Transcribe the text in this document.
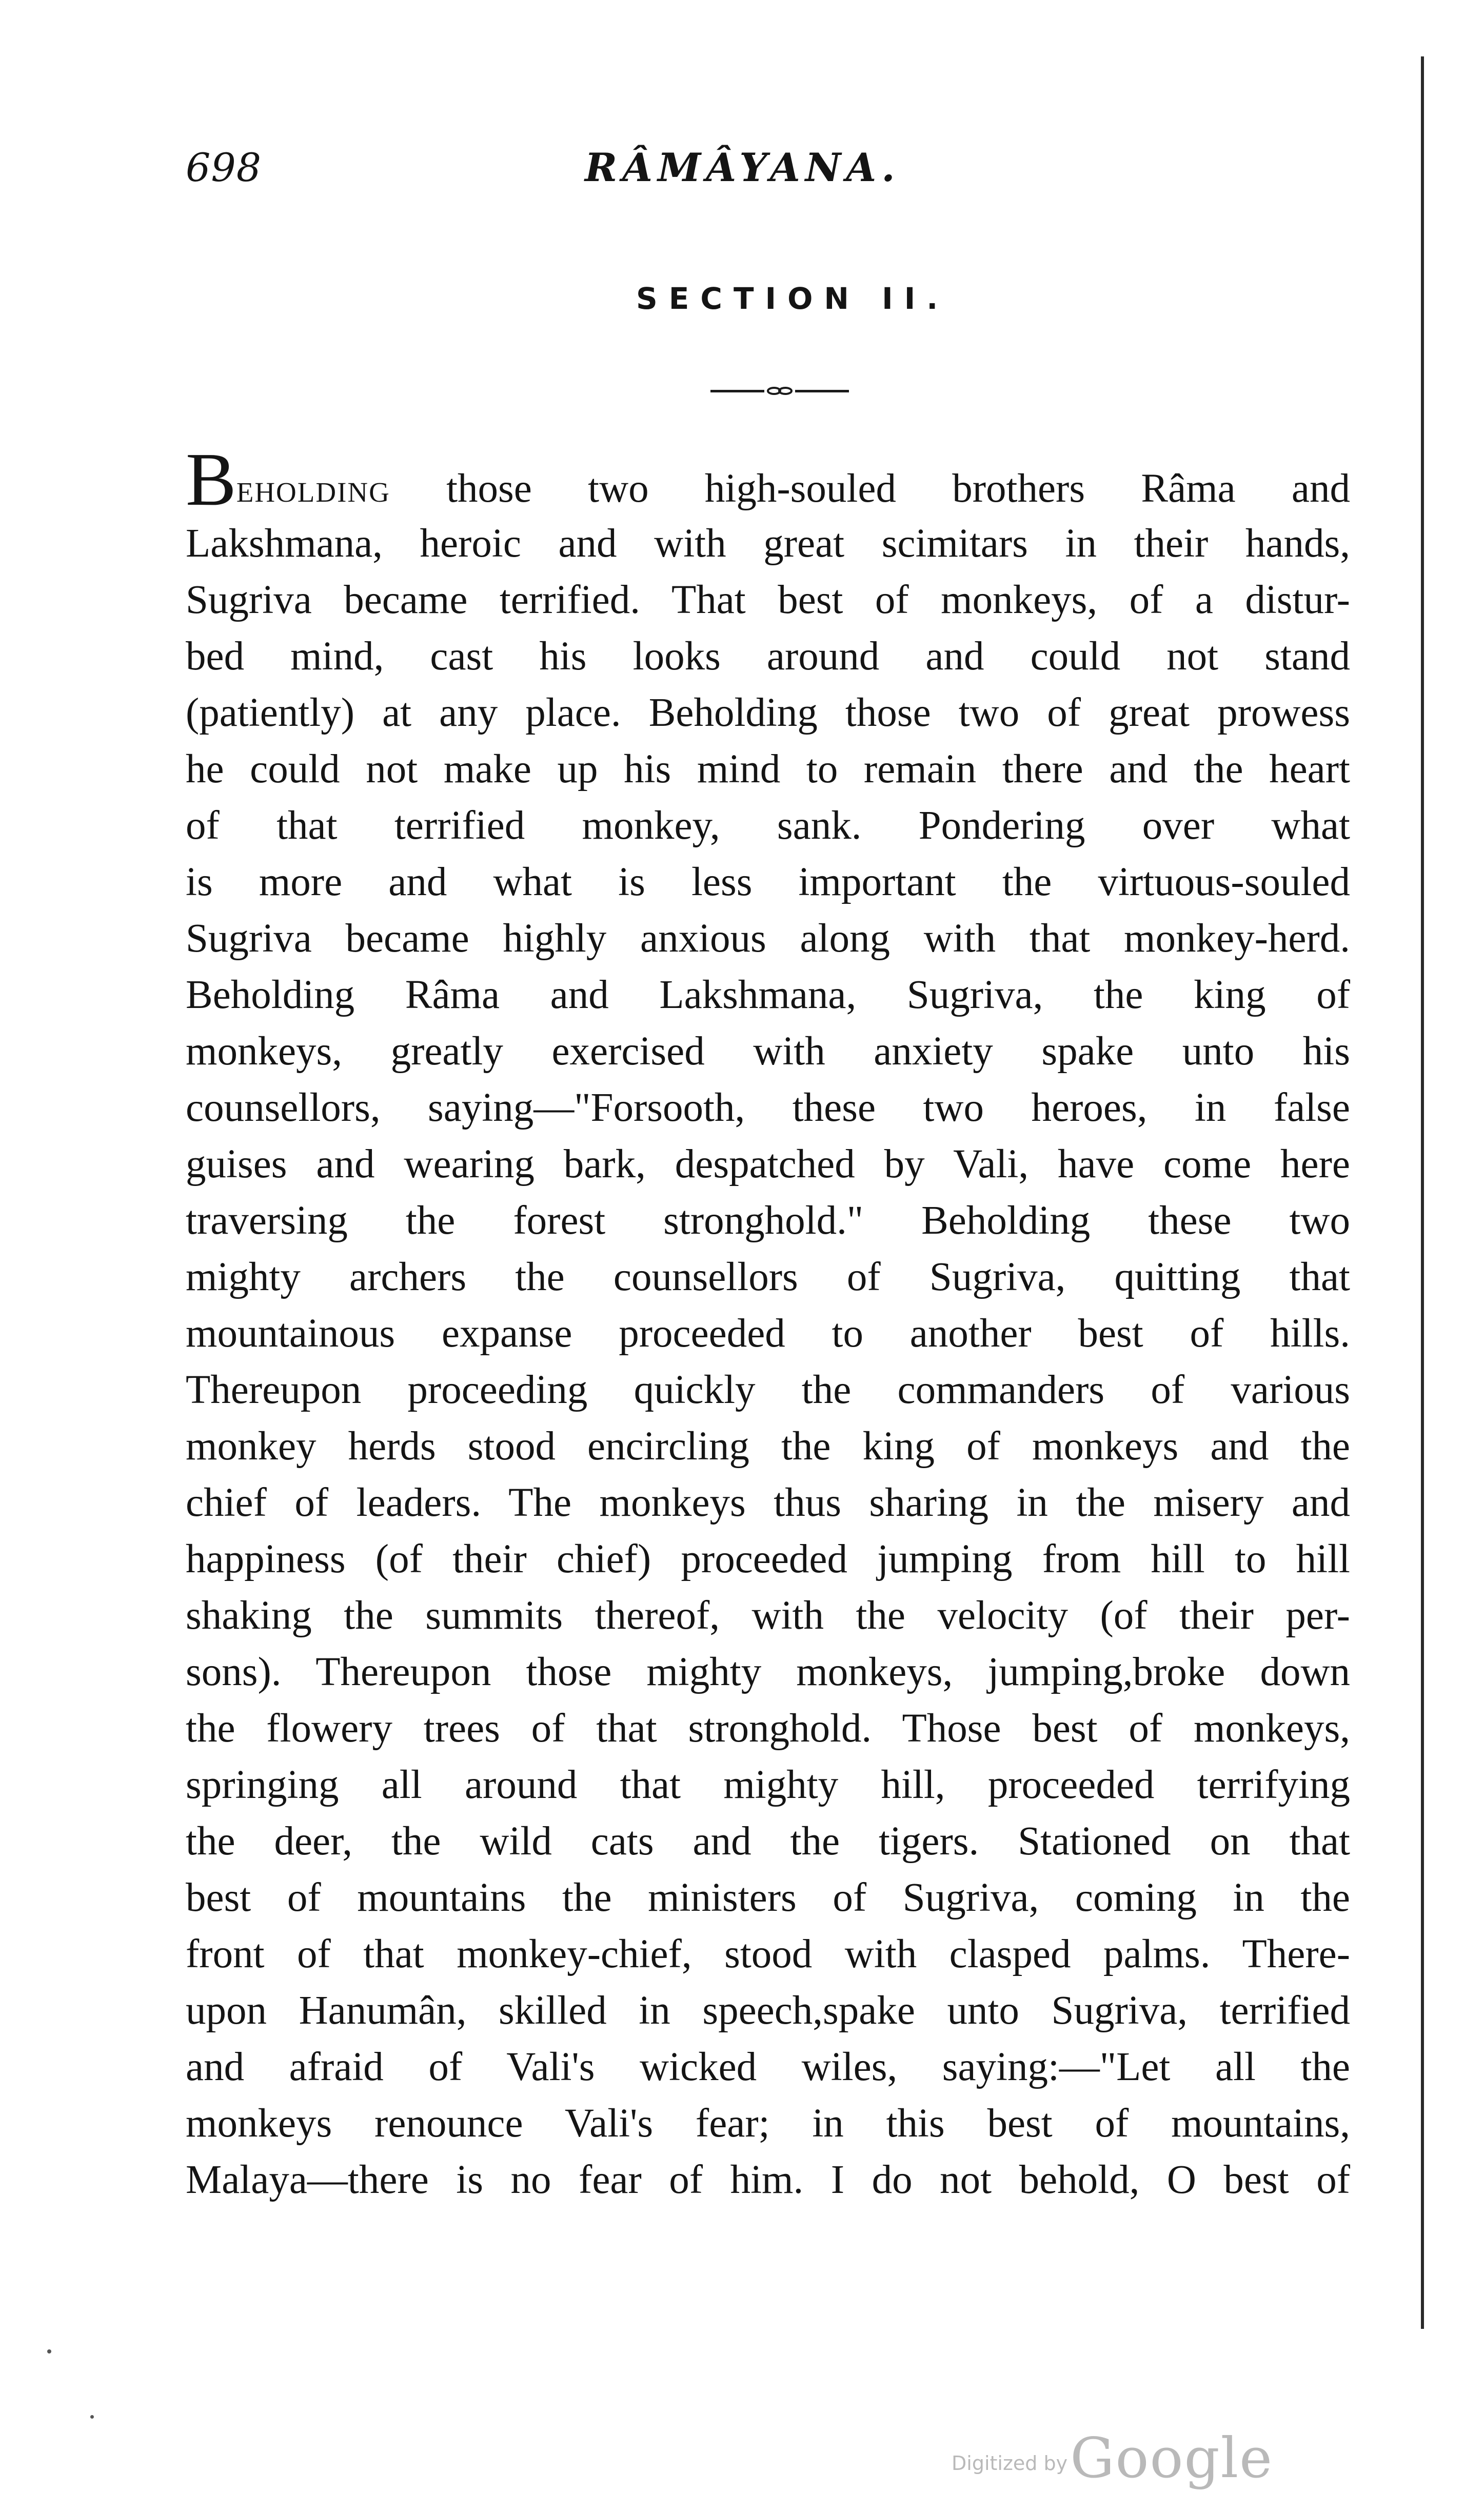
698	RÂMÂYANA.
SECTION II.
Beholding those two high-souled brothers Râma and
Lakshmana, heroic and with great scimitars in their hands,
Sugriva became terrified. That best of monkeys, of a distur-
bed mind, cast his looks around and could not stand
(patiently) at any place. Beholding those two of great prowess
he could not make up his mind to remain there and the heart
of that terrified monkey, sank. Pondering over what
is more and what is less important the virtuous-souled
Sugriva became highly anxious along with that monkey-herd.
Beholding Râma and Lakshmana, Sugriva, the king of
monkeys, greatly exercised with anxiety spake unto his
counsellors, saying—"Forsooth, these two heroes, in false
guises and wearing bark, despatched by Vali, have come here
traversing the forest stronghold." Beholding these two
mighty archers the counsellors of Sugriva, quitting that
mountainous expanse proceeded to another best of hills.
Thereupon proceeding quickly the commanders of various
monkey herds stood encircling the king of monkeys and the
chief of leaders. The monkeys thus sharing in the misery and
happiness (of their chief) proceeded jumping from hill to hill
shaking the summits thereof, with the velocity (of their per-
sons). Thereupon those mighty monkeys, jumping,broke down
the flowery trees of that stronghold. Those best of monkeys,
springing all around that mighty hill, proceeded terrifying
the deer, the wild cats and the tigers. Stationed on that
best of mountains the ministers of Sugriva, coming in the
front of that monkey-chief, stood with clasped palms. There-
upon Hanumân, skilled in speech,spake unto Sugriva, terrified
and afraid of Vali's wicked wiles, saying:—"Let all the
monkeys renounce Vali's fear; in this best of mountains,
Malaya—there is no fear of him. I do not behold, O best of
Digitized by Google
